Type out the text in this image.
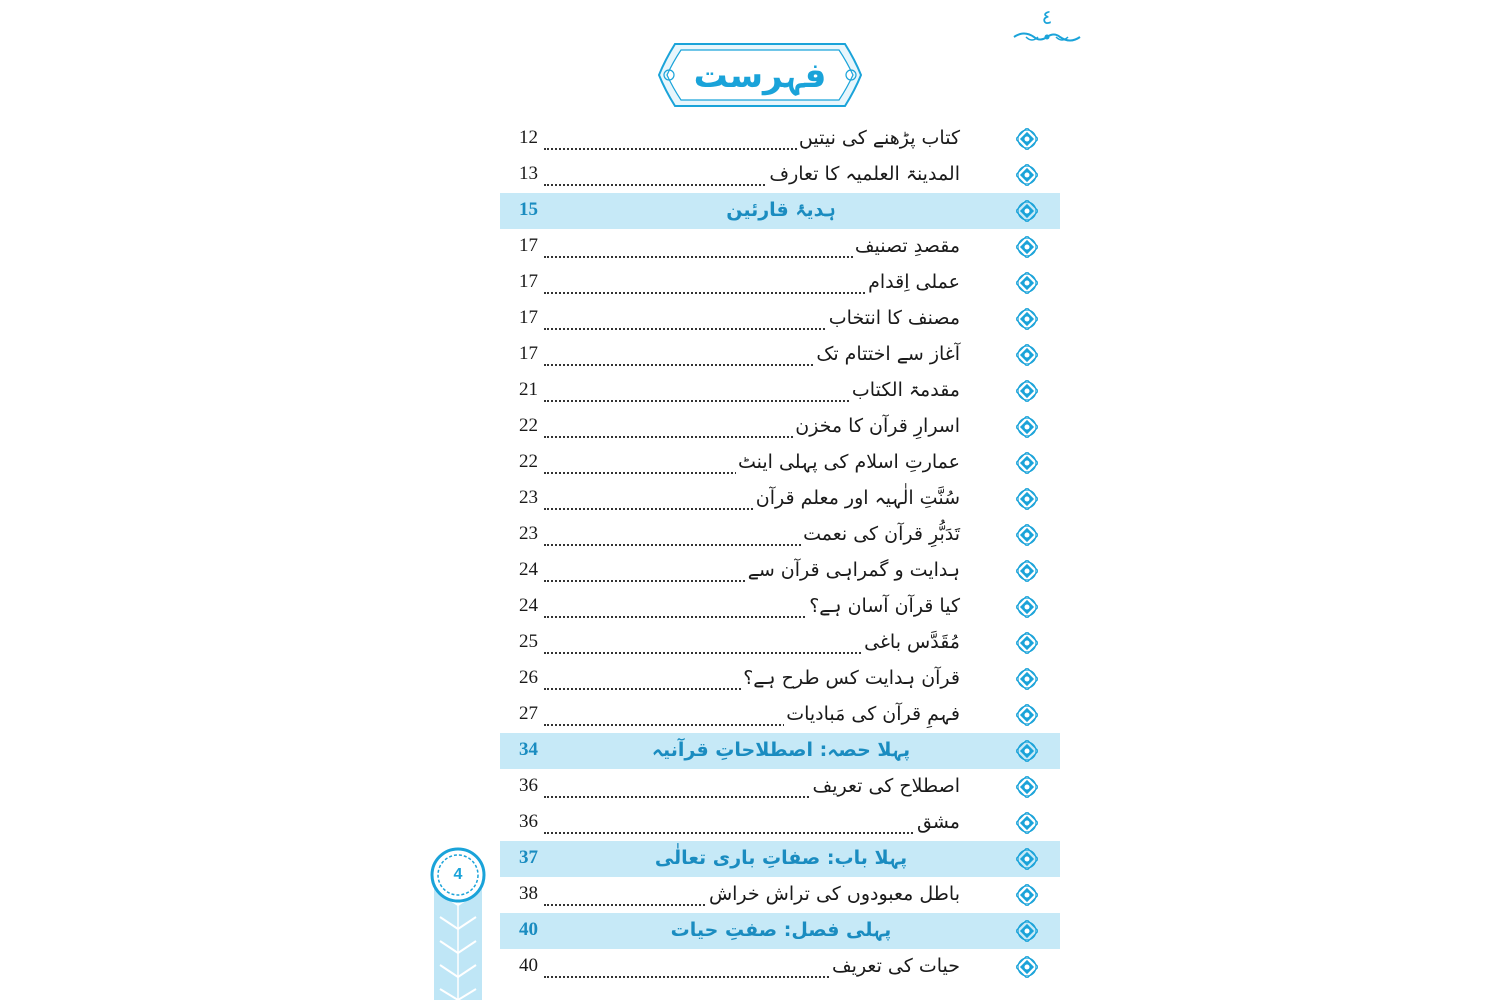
٤
فہرست
کتاب پڑھنے کی نیتیں
12
المدینۃ العلمیہ کا تعارف
13
ہدیۂ قارئین
15
مقصدِ تصنیف
17
عملی اِقدام
17
مصنف کا انتخاب
17
آغاز سے اختتام تک
17
مقدمۃ الکتاب
21
اسرارِ قرآن کا مخزن
22
عمارتِ اسلام کی پہلی اینٹ
22
سُنَّتِ الٰہیہ اور معلم قرآن
23
تَدَبُّرِ قرآن کی نعمت
23
ہدایت و گمراہی قرآن سے
24
کیا قرآن آسان ہے؟
24
مُقَدَّس باغی
25
قرآن ہدایت کس طرح ہے؟
26
فہمِ قرآن کی مَبادیات
27
پہلا حصہ: اصطلاحاتِ قرآنیہ
34
اصطلاح کی تعریف
36
مشق
36
پہلا باب: صفاتِ باری تعالٰی
37
باطل معبودوں کی تراش خراش
38
پہلی فصل: صفتِ حیات
40
حیات کی تعریف
40
4
